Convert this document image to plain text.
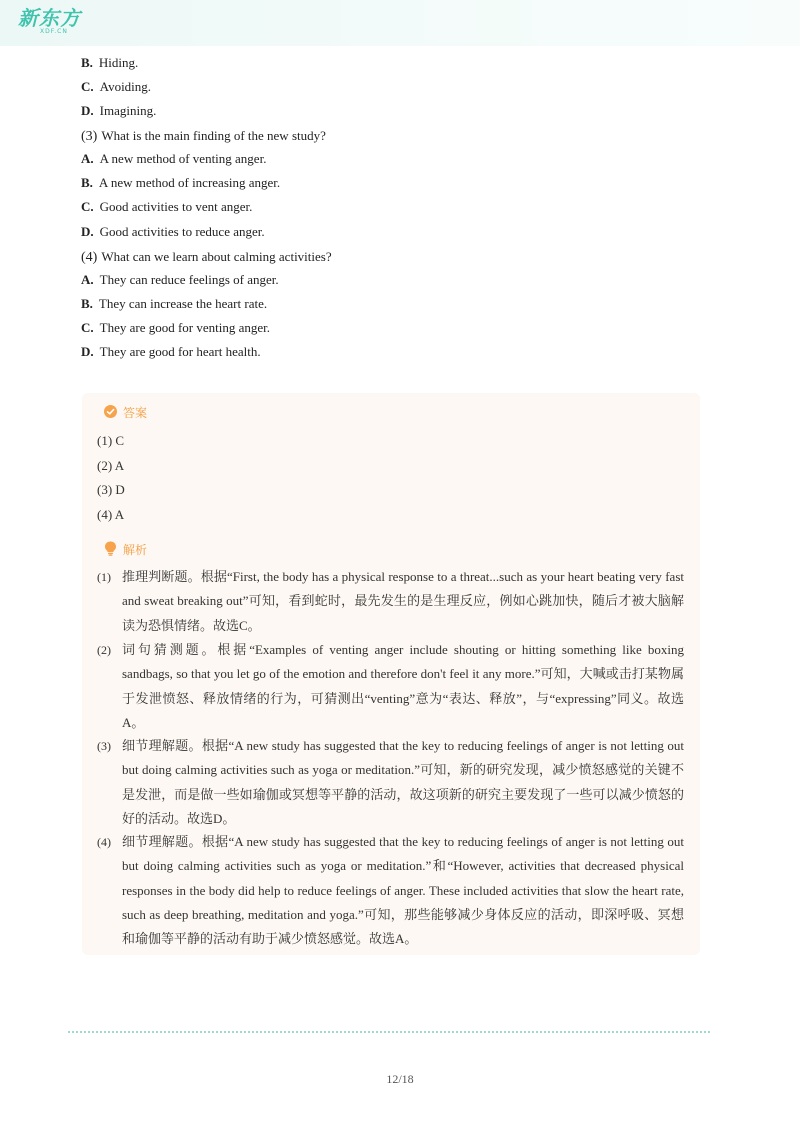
新东方
XDF.CN
B. Hiding.
C. Avoiding.
D. Imagining.
(3) What is the main finding of the new study?
A. A new method of venting anger.
B. A new method of increasing anger.
C. Good activities to vent anger.
D. Good activities to reduce anger.
(4) What can we learn about calming activities?
A. They can reduce feelings of anger.
B. They can increase the heart rate.
C. They are good for venting anger.
D. They are good for heart health.
答案
(1) C
(2) A
(3) D
(4) A
解析
(1) 推理判断题。根据“First, the body has a physical response to a threat...such as your heart beating very fast and sweat breaking out”可知，看到蛇时，最先发生的是生理反应，例如心跳加快，随后才被大脑解读为恐惧情绪。故选C。
(2) 词句猜测题。根据“Examples of venting anger include shouting or hitting something like boxing sandbags, so that you let go of the emotion and therefore don't feel it any more.”可知，大喊或击打某物属于发泄愤怒、释放情绪的行为，可猜测出“venting”意为“表达、释放”，与“expressing”同义。故选A。
(3) 细节理解题。根据“A new study has suggested that the key to reducing feelings of anger is not letting out but doing calming activities such as yoga or meditation.”可知，新的研究发现，减少愤怒感觉的关键不是发泄，而是做一些如瑜伽或冥想等平静的活动，故这项新的研究主要发现了一些可以减少愤怒的好的活动。故选D。
(4) 细节理解题。根据“A new study has suggested that the key to reducing feelings of anger is not letting out but doing calming activities such as yoga or meditation.”和“However, activities that decreased physical responses in the body did help to reduce feelings of anger. These included activities that slow the heart rate, such as deep breathing, meditation and yoga.”可知，那些能够减少身体反应的活动，即深呼吸、冥想和瑜伽等平静的活动有助于减少愤怒感觉。故选A。
12/18
